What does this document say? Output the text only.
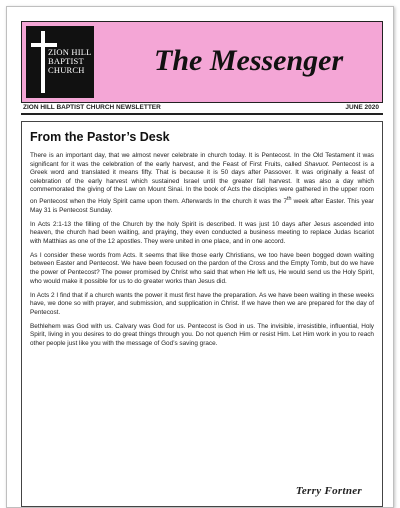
ZION HILL
BAPTIST
CHURCH	The Messenger
ZION HILL BAPTIST CHURCH NEWSLETTER	JUNE 2020
From the Pastor’s Desk

There is an important day, that we almost never celebrate in church today. It is Pentecost. In the Old Testament it was significant for it was the celebration of the early harvest, and the Feast of First Fruits, called Shavuot. Pentecost is a Greek word and translated it means fifty. That is because it is 50 days after Passover. It was originally a feast of celebration of the early harvest which sustained Israel until the greater fall harvest. It was also a day which commemorated the giving of the Law on Mount Sinai. In the book of Acts the disciples were gathered in the upper room on Pentecost when the Holy Spirit came upon them. Afterwards In the church it was the 7th week after Easter. This year May 31 is Pentecost Sunday.

In Acts 2:1-13 the filling of the Church by the holy Spirit is described. It was just 10 days after Jesus ascended into heaven, the church had been waiting, and praying, they even conducted a business meeting to replace Judas Iscariot with Matthias as one of the 12 apostles. They were united in one place, and in one accord.

As I consider these words from Acts. It seems that like those early Christians, we too have been bogged down waiting between Easter and Pentecost. We have been focused on the pardon of the Cross and the Empty Tomb, but do we have the power of Pentecost? The power promised by Christ who said that when He left us, He would send us the Holy Spirit, who would make it possible for us to do greater works than Jesus did.

In Acts 2 I find that if a church wants the power it must first have the preparation. As we have been waiting in these weeks have, we done so with prayer, and submission, and supplication in Christ. If we have then we are prepared for the day of Pentecost.

Bethlehem was God with us. Calvary was God for us. Pentecost is God in us. The invisible, irresistible, influential, Holy Spirit, living in you desires to do great things through you. Do not quench Him or resist Him. Let Him work in you to reach other people just like you with the message of God’s saving grace.

Terry Fortner
